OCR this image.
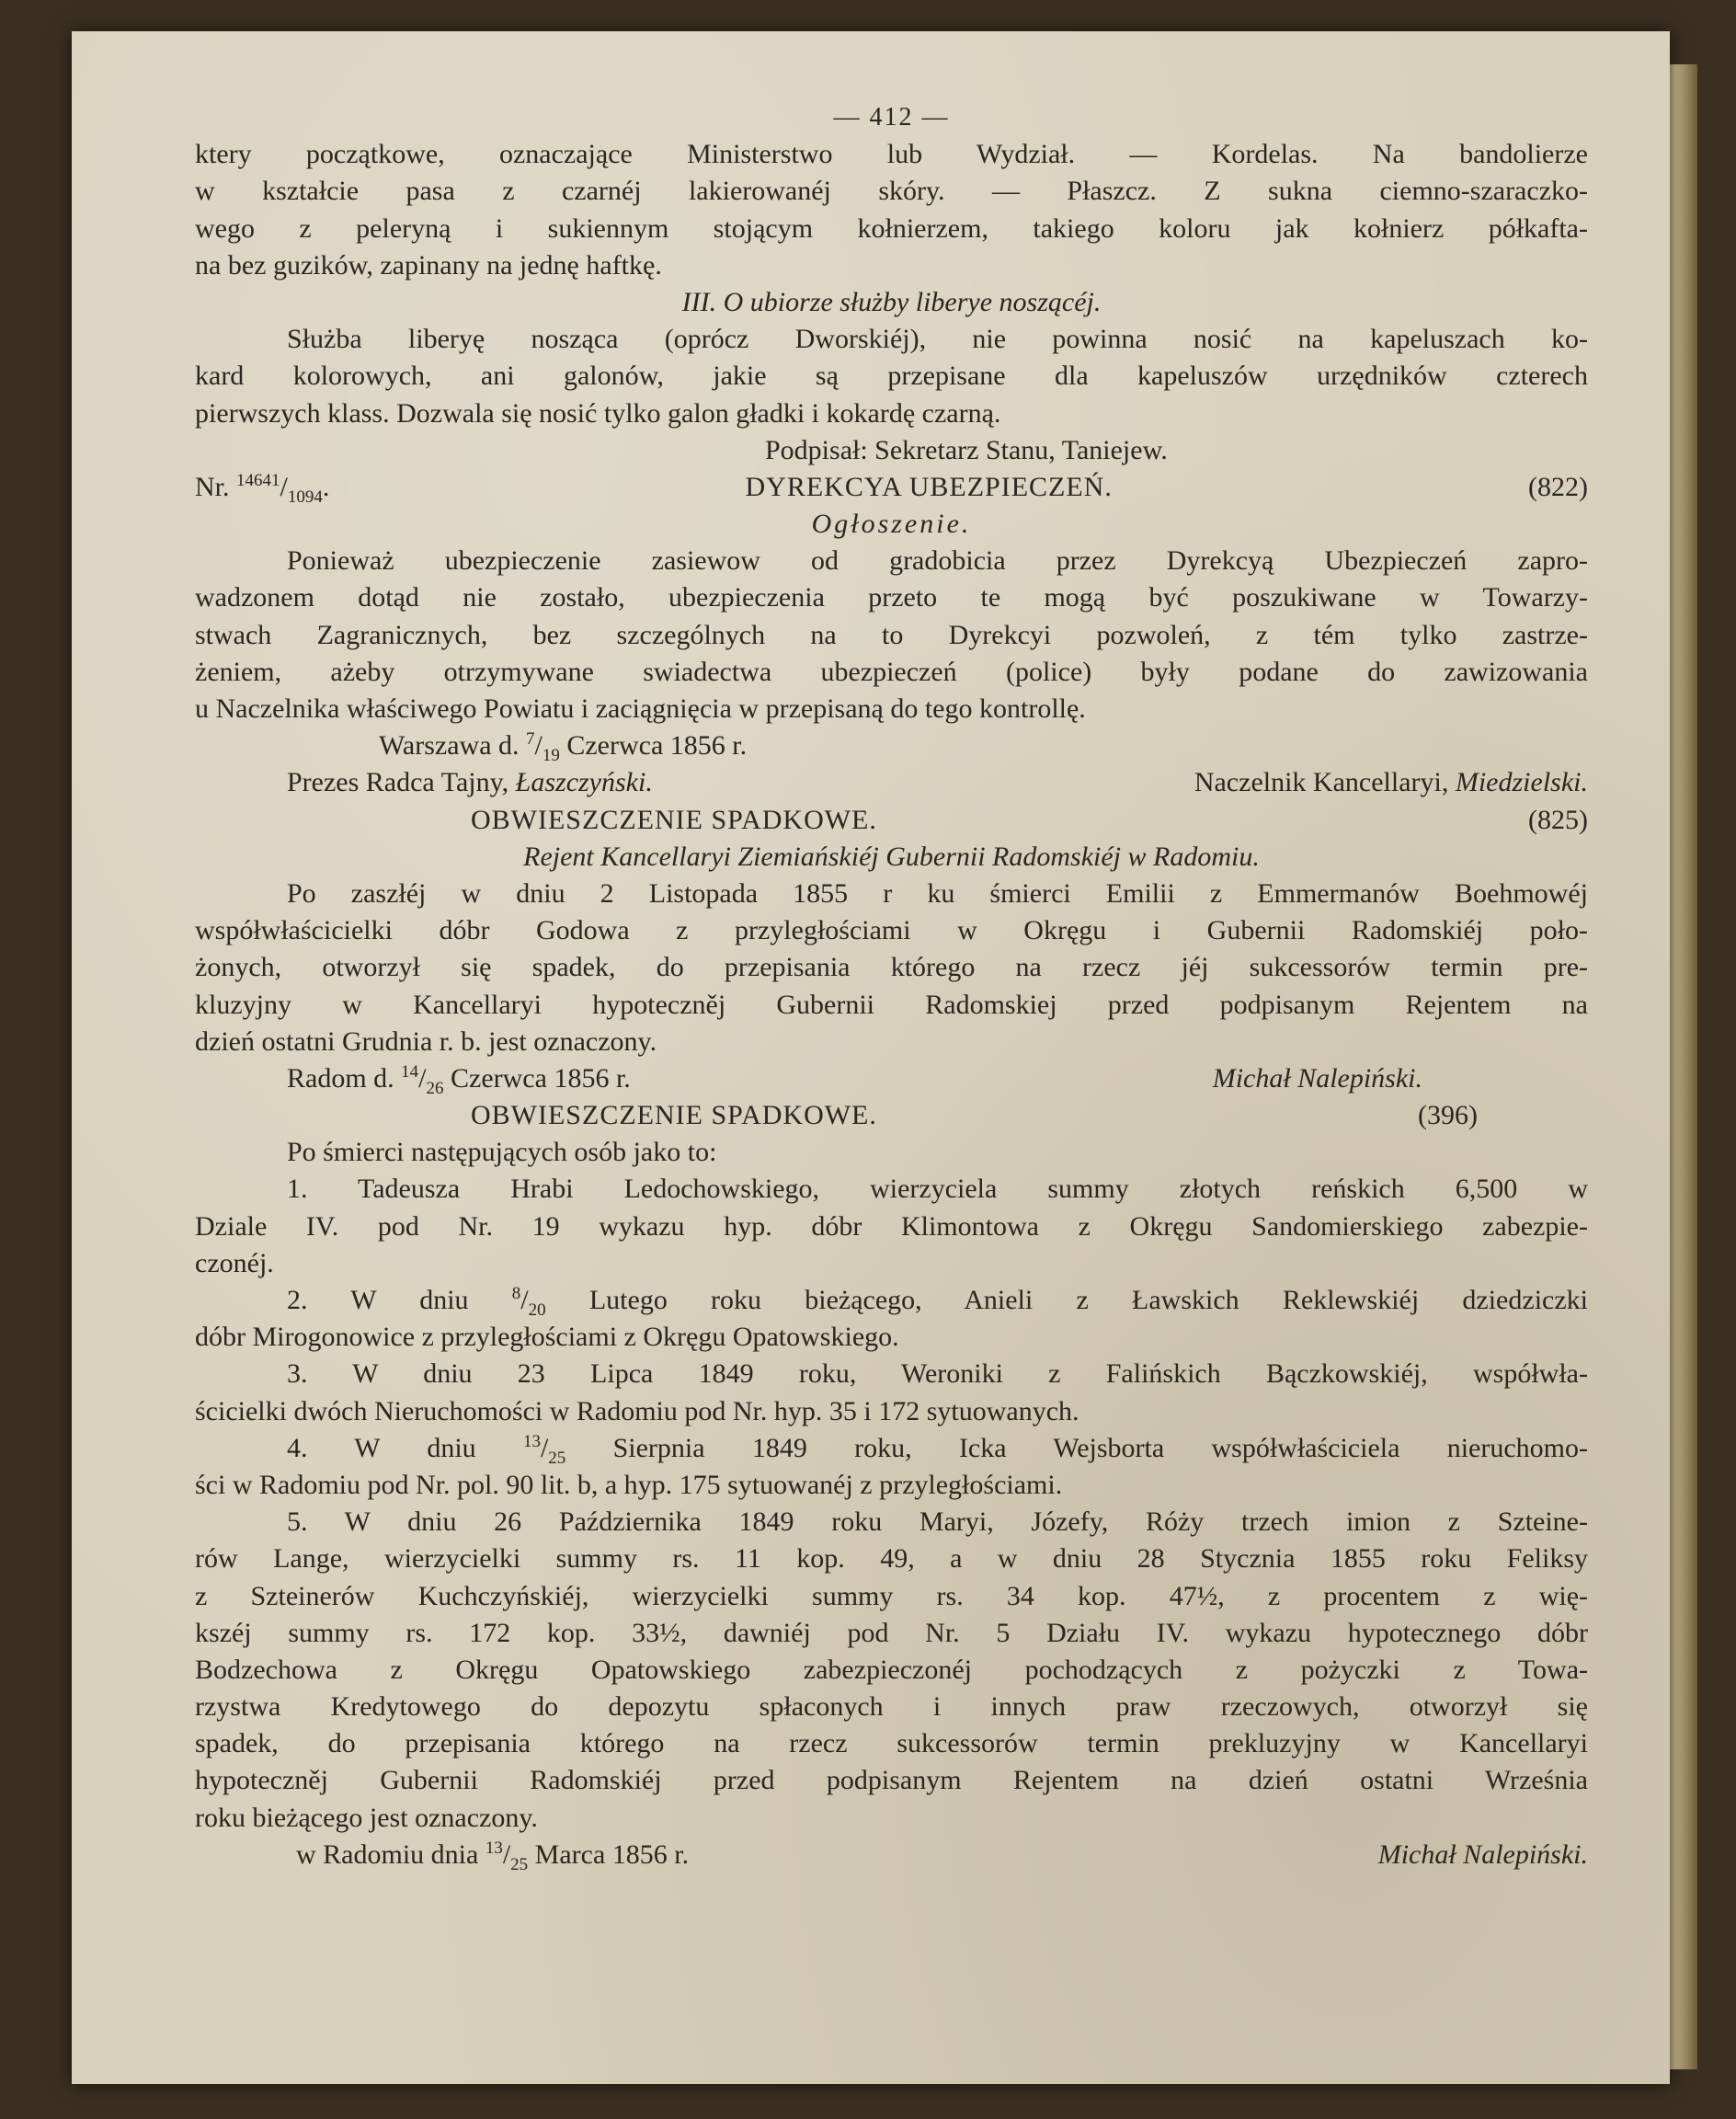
— 412 —
ktery początkowe, oznaczające Ministerstwo lub Wydział. — Kordelas. Na bandolierze
w kształcie pasa z czarnéj lakierowanéj skóry. — Płaszcz. Z sukna ciemno-szaraczko-
wego z peleryną i sukiennym stojącym kołnierzem, takiego koloru jak kołnierz półkafta-
na bez guzików, zapinany na jednę haftkę.
III. O ubiorze służby liberye noszącéj.
Służba liberyę nosząca (oprócz Dworskiéj), nie powinna nosić na kapeluszach ko-
kard kolorowych, ani galonów, jakie są przepisane dla kapeluszów urzędników czterech
pierwszych klass. Dozwala się nosić tylko galon gładki i kokardę czarną.
Podpisał: Sekretarz Stanu, Taniejew.
Nr. $^{14641}/_{1094}$.	DYREKCYA UBEZPIECZEŃ.	(822)
Ogłoszenie.
Ponieważ ubezpieczenie zasiewow od gradobicia przez Dyrekcyą Ubezpieczeń zapro-
wadzonem dotąd nie zostało, ubezpieczenia przeto te mogą być poszukiwane w Towarzy-
stwach Zagranicznych, bez szczególnych na to Dyrekcyi pozwoleń, z tém tylko zastrze-
żeniem, ażeby otrzymywane swiadectwa ubezpieczeń (police) były podane do zawizowania
u Naczelnika właściwego Powiatu i zaciągnięcia w przepisaną do tego kontrollę.
Warszawa d. $^7/_{19}$ Czerwca 1856 r.
Prezes Radca Tajny, Łaszczyński.	Naczelnik Kancellaryi, Miedzielski.
OBWIESZCZENIE SPADKOWE.	(825)
Rejent Kancellaryi Ziemiańskiéj Gubernii Radomskiéj w Radomiu.
Po zaszłéj w dniu 2 Listopada 1855 r ku śmierci Emilii z Emmermanów Boehmowéj
współwłaścicielki dóbr Godowa z przyległościami w Okręgu i Gubernii Radomskiéj poło-
żonych, otworzył się spadek, do przepisania którego na rzecz jéj sukcessorów termin pre-
kluzyjny w Kancellaryi hypoteczněj Gubernii Radomskiej przed podpisanym Rejentem na
dzień ostatni Grudnia r. b. jest oznaczony.
Radom d. $^{14}/_{26}$ Czerwca 1856 r.	Michał Nalepiński.
OBWIESZCZENIE SPADKOWE.	(396)
Po śmierci następujących osób jako to:
1. Tadeusza Hrabi Ledochowskiego, wierzyciela summy złotych reńskich 6,500 w
Dziale IV. pod Nr. 19 wykazu hyp. dóbr Klimontowa z Okręgu Sandomierskiego zabezpie-
czonéj.
2. W dniu $^8/_{20}$ Lutego roku bieżącego, Anieli z Ławskich Reklewskiéj dziedziczki
dóbr Mirogonowice z przyległościami z Okręgu Opatowskiego.
3. W dniu 23 Lipca 1849 roku, Weroniki z Falińskich Bączkowskiéj, współwła-
ścicielki dwóch Nieruchomości w Radomiu pod Nr. hyp. 35 i 172 sytuowanych.
4. W dniu	$^{13}/_{25}$ Sierpnia 1849 roku, Icka Wejsborta współwłaściciela nieruchomo-
ści w Radomiu pod Nr. pol. 90 lit. b, a hyp. 175 sytuowanéj z przyległościami.
5. W dniu 26 Października 1849 roku Maryi, Józefy, Róży trzech imion z Szteine-
rów Lange, wierzycielki summy rs. 11 kop. 49, a w dniu 28 Stycznia 1855 roku Feliksy
z Szteinerów Kuchczyńskiéj, wierzycielki summy rs. 34 kop. 47½, z procentem z wię-
kszéj summy rs. 172 kop. 33½, dawniéj pod Nr. 5 Działu IV. wykazu hypotecznego dóbr
Bodzechowa z Okręgu Opatowskiego zabezpieczonéj pochodzących z pożyczki z Towa-
rzystwa Kredytowego do depozytu spłaconych i innych praw rzeczowych, otworzył się
spadek, do przepisania którego na rzecz sukcessorów termin prekluzyjny w Kancellaryi
hypoteczněj Gubernii Radomskiéj przed podpisanym Rejentem na dzień ostatni Września
roku bieżącego jest oznaczony.
w Radomiu dnia $^{13}/_{25}$ Marca 1856 r.	Michał Nalepiński.
